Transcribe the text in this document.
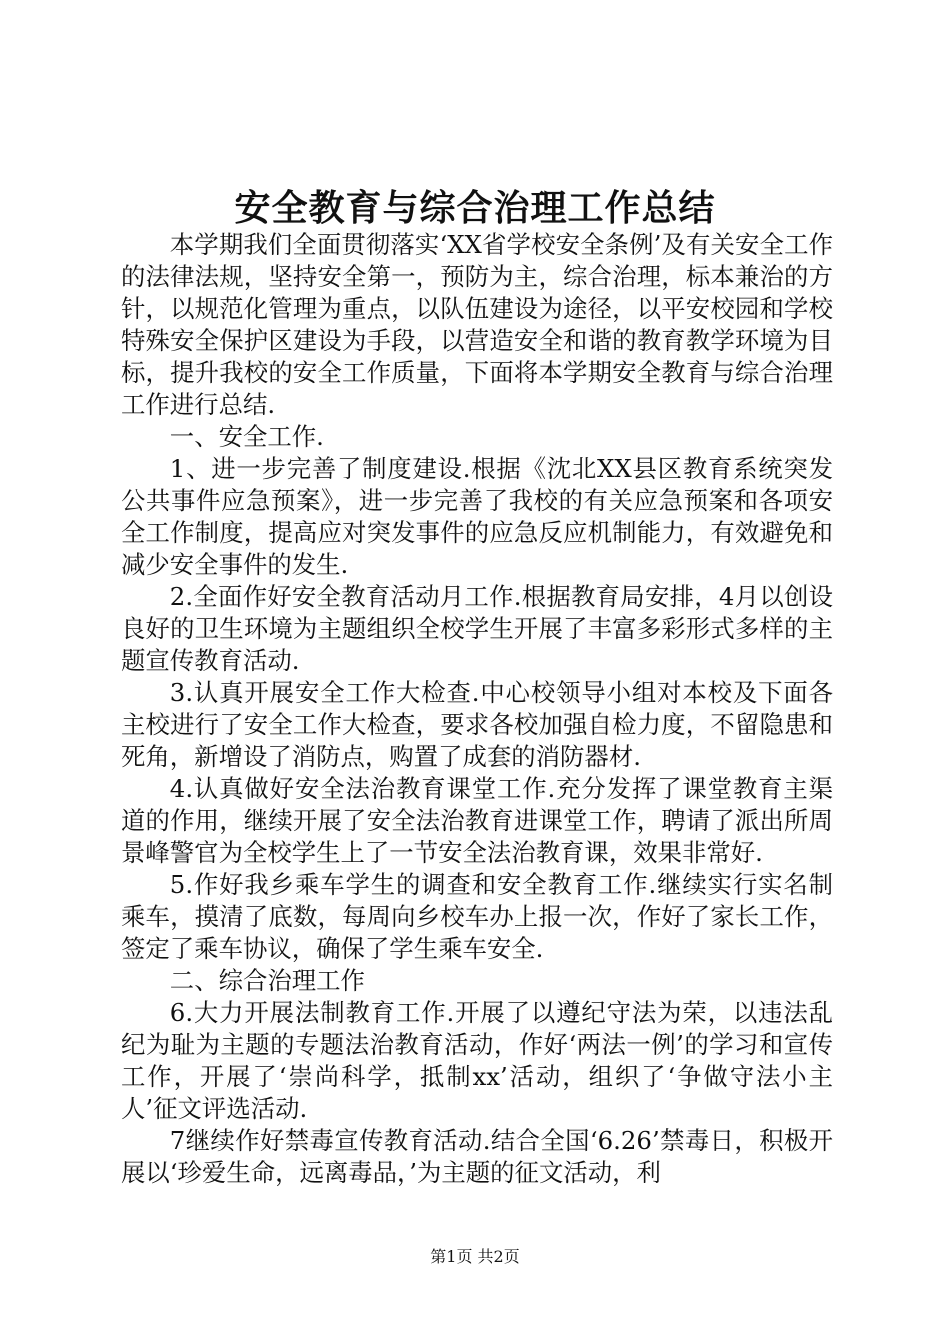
安全教育与综合治理工作总结

本学期我们全面贯彻落实‘XX省学校安全条例’及有关安全工作的法律法规，坚持安全第一，预防为主，综合治理，标本兼治的方针，以规范化管理为重点，以队伍建设为途径，以平安校园和学校特殊安全保护区建设为手段，以营造安全和谐的教育教学环境为目标，提升我校的安全工作质量，下面将本学期安全教育与综合治理工作进行总结.

一、安全工作.

1、进一步完善了制度建设.根据《沈北XX县区教育系统突发公共事件应急预案》，进一步完善了我校的有关应急预案和各项安全工作制度，提高应对突发事件的应急反应机制能力，有效避免和减少安全事件的发生.

2.全面作好安全教育活动月工作.根据教育局安排，4月以创设良好的卫生环境为主题组织全校学生开展了丰富多彩形式多样的主题宣传教育活动.

3.认真开展安全工作大检查.中心校领导小组对本校及下面各主校进行了安全工作大检查，要求各校加强自检力度，不留隐患和死角，新增设了消防点，购置了成套的消防器材.

4.认真做好安全法治教育课堂工作.充分发挥了课堂教育主渠道的作用，继续开展了安全法治教育进课堂工作，聘请了派出所周景峰警官为全校学生上了一节安全法治教育课，效果非常好.

5.作好我乡乘车学生的调查和安全教育工作.继续实行实名制乘车，摸清了底数，每周向乡校车办上报一次，作好了家长工作，签定了乘车协议，确保了学生乘车安全.

二、综合治理工作

6.大力开展法制教育工作.开展了以遵纪守法为荣，以违法乱纪为耻为主题的专题法治教育活动，作好‘两法一例’的学习和宣传工作，开展了‘崇尚科学，抵制xx’活动，组织了‘争做守法小主人’征文评选活动.

7继续作好禁毒宣传教育活动.结合全国‘6.26’禁毒日，积极开展以‘珍爱生命，远离毒品，’为主题的征文活动，利

第1页 共2页
